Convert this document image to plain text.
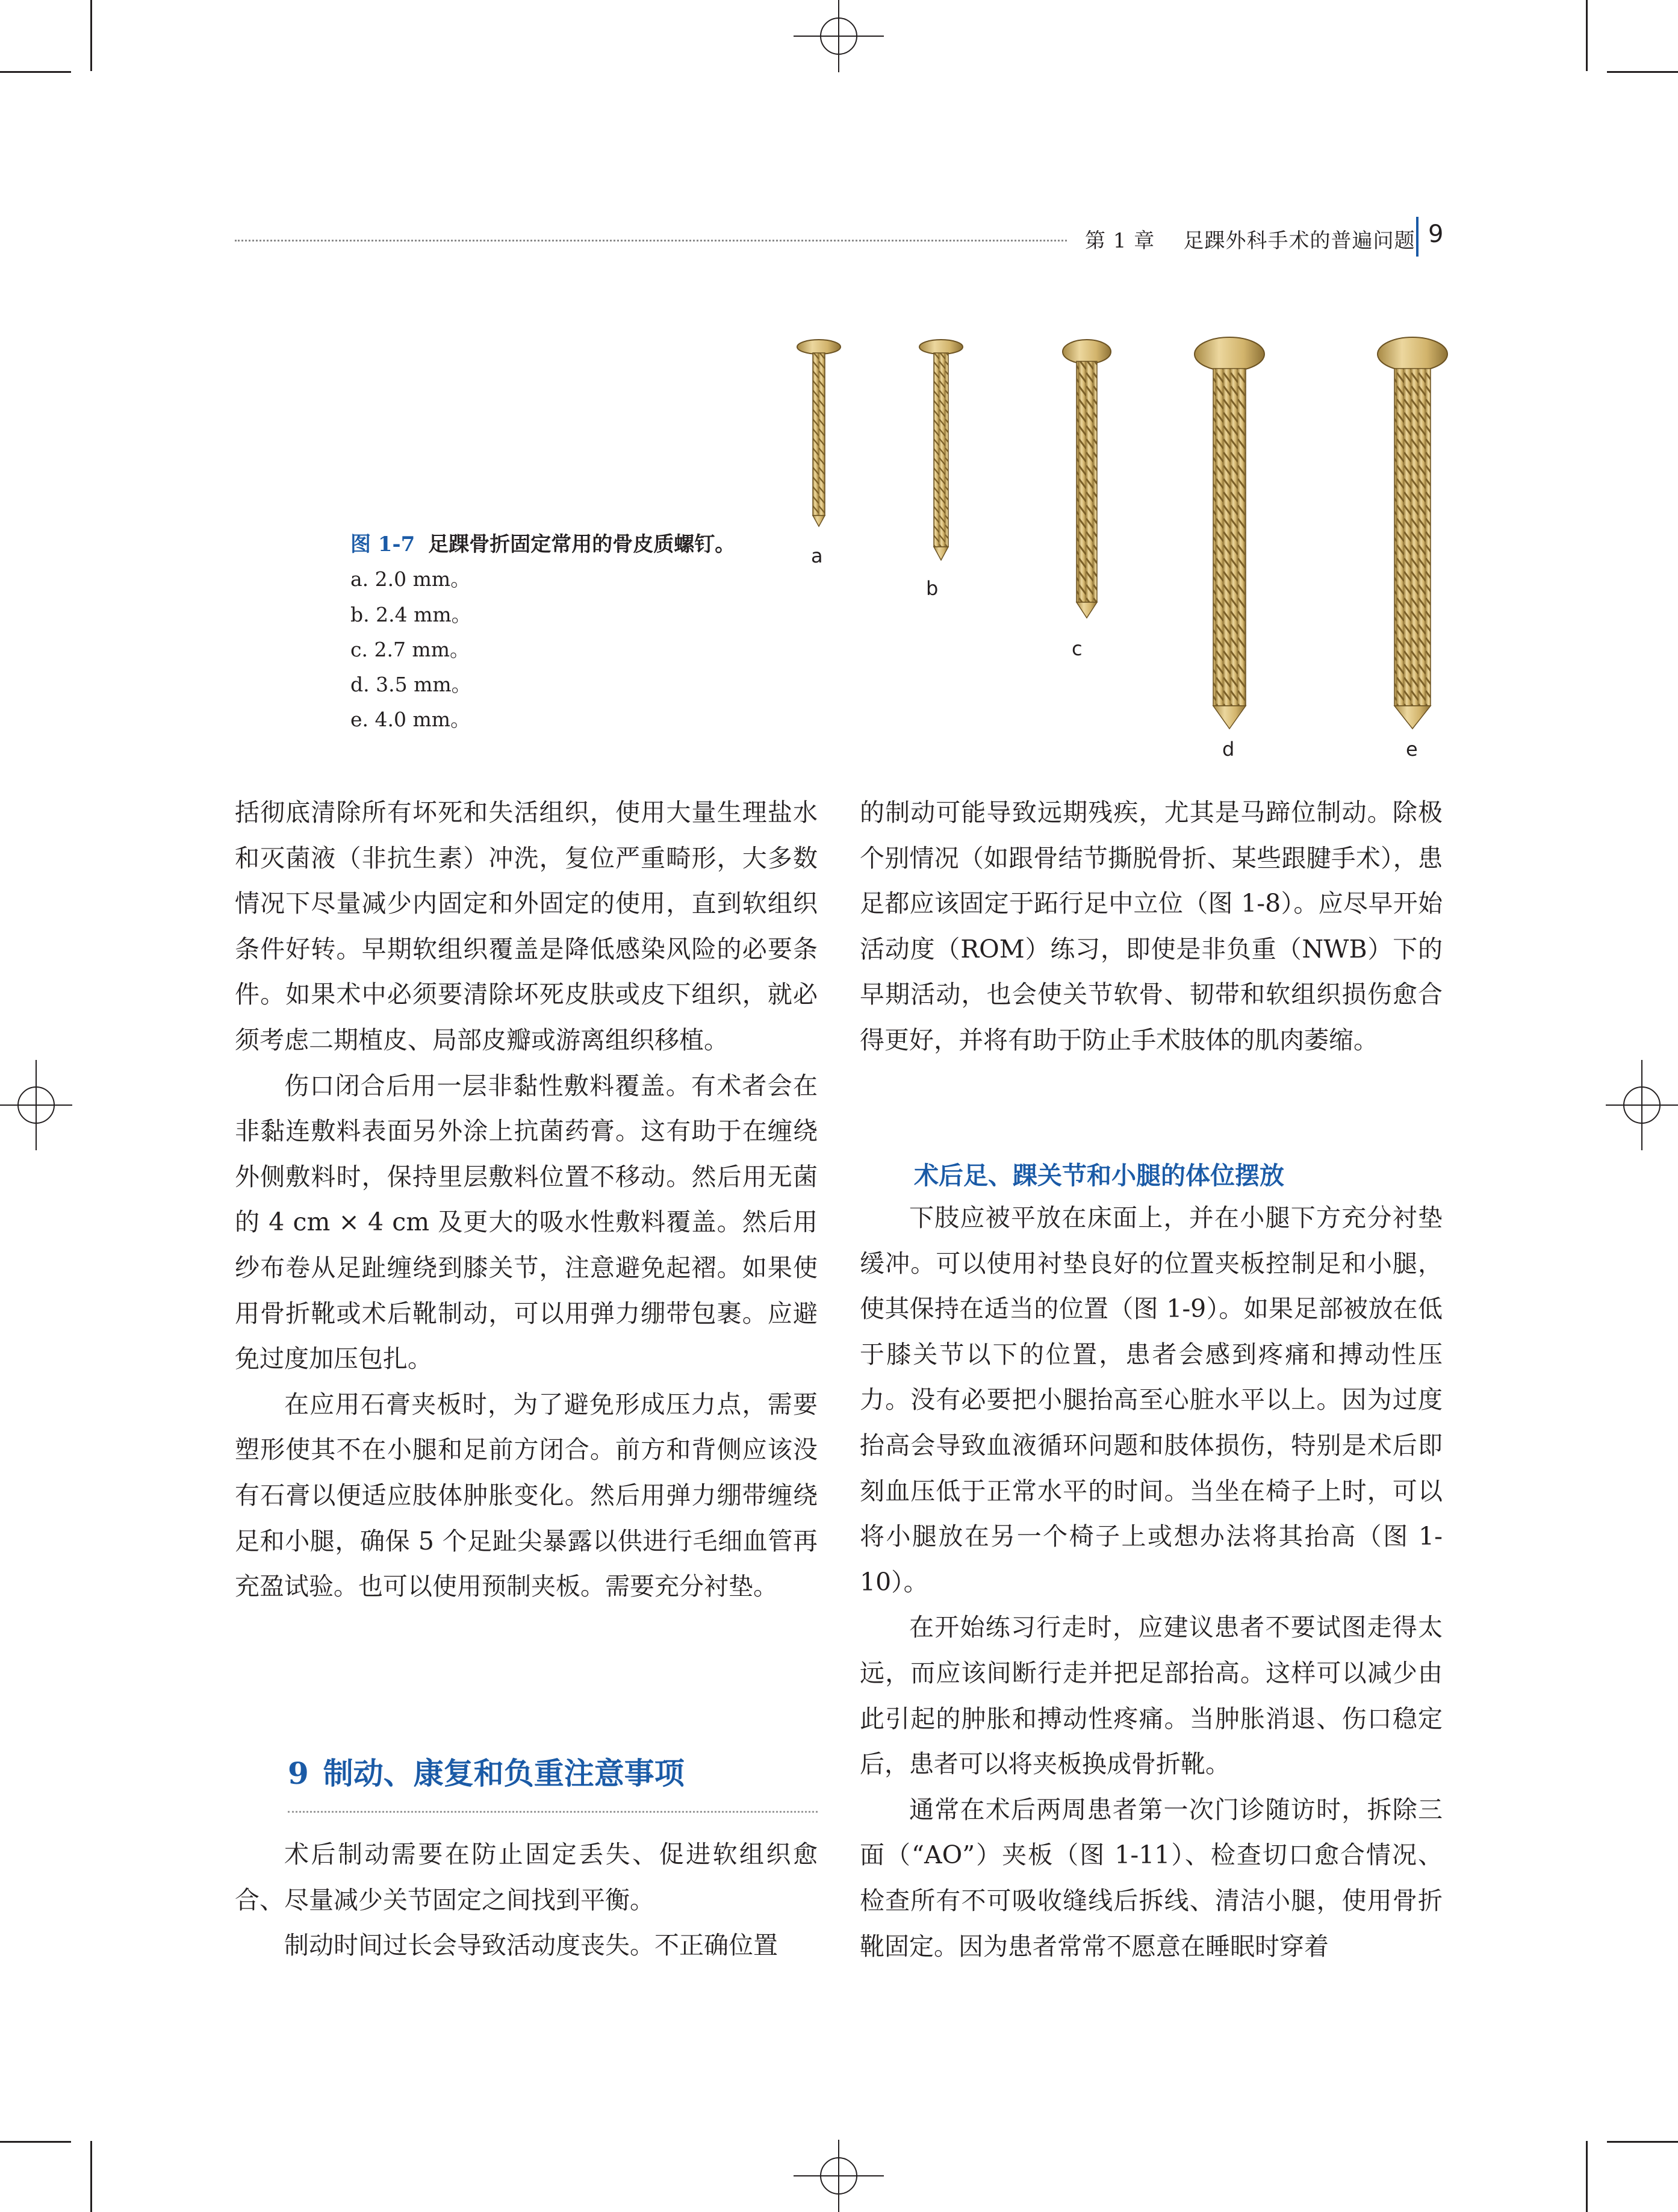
第 1 章 足踝外科手术的普遍问题 9
图 1-7 足踝骨折固定常用的骨皮质螺钉。
a. 2.0 mm。
b. 2.4 mm。
c. 2.7 mm。
d. 3.5 mm。
e. 4.0 mm。
a
b
c
d	e

括彻底清除所有坏死和失活组织，使用大量生理盐水和灭菌液（非抗生素）冲洗，复位严重畸形，大多数情况下尽量减少内固定和外固定的使用，直到软组织条件好转。早期软组织覆盖是降低感染风险的必要条件。如果术中必须要清除坏死皮肤或皮下组织，就必须考虑二期植皮、局部皮瓣或游离组织移植。

伤口闭合后用一层非黏性敷料覆盖。有术者会在非黏连敷料表面另外涂上抗菌药膏。这有助于在缠绕外侧敷料时，保持里层敷料位置不移动。然后用无菌的 4 cm × 4 cm 及更大的吸水性敷料覆盖。然后用纱布卷从足趾缠绕到膝关节，注意避免起褶。如果使用骨折靴或术后靴制动，可以用弹力绷带包裹。应避免过度加压包扎。

在应用石膏夹板时，为了避免形成压力点，需要塑形使其不在小腿和足前方闭合。前方和背侧应该没有石膏以便适应肢体肿胀变化。然后用弹力绷带缠绕足和小腿，确保 5 个足趾尖暴露以供进行毛细血管再充盈试验。也可以使用预制夹板。需要充分衬垫。

9 制动、康复和负重注意事项

术后制动需要在防止固定丢失、促进软组织愈合、尽量减少关节固定之间找到平衡。

制动时间过长会导致活动度丧失。不正确位置

的制动可能导致远期残疾，尤其是马蹄位制动。除极个别情况（如跟骨结节撕脱骨折、某些跟腱手术），患足都应该固定于跖行足中立位（图 1-8）。应尽早开始活动度（ROM）练习，即使是非负重（NWB）下的早期活动，也会使关节软骨、韧带和软组织损伤愈合得更好，并将有助于防止手术肢体的肌肉萎缩。

术后足、踝关节和小腿的体位摆放

下肢应被平放在床面上，并在小腿下方充分衬垫缓冲。可以使用衬垫良好的位置夹板控制足和小腿，使其保持在适当的位置（图 1-9）。如果足部被放在低于膝关节以下的位置，患者会感到疼痛和搏动性压力。没有必要把小腿抬高至心脏水平以上。因为过度抬高会导致血液循环问题和肢体损伤，特别是术后即刻血压低于正常水平的时间。当坐在椅子上时，可以将小腿放在另一个椅子上或想办法将其抬高（图 1-10）。

在开始练习行走时，应建议患者不要试图走得太远，而应该间断行走并把足部抬高。这样可以减少由此引起的肿胀和搏动性疼痛。当肿胀消退、伤口稳定后，患者可以将夹板换成骨折靴。

通常在术后两周患者第一次门诊随访时，拆除三面（“AO”）夹板（图 1-11）、检查切口愈合情况、检查所有不可吸收缝线后拆线、清洁小腿，使用骨折靴固定。因为患者常常不愿意在睡眠时穿着
